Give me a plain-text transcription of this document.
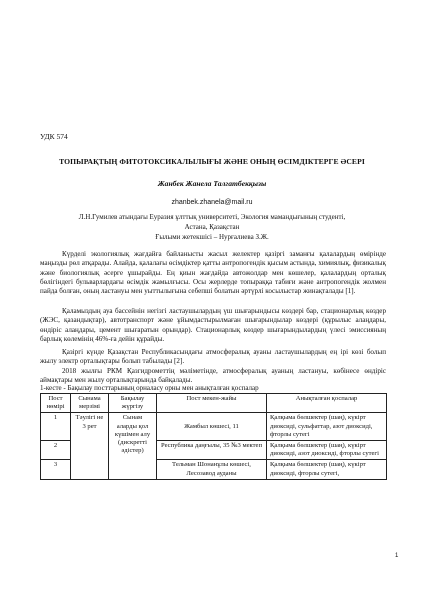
УДК 574
ТОПЫРАҚТЫҢ ФИТОТОКСИКАЛЫЛЫҒЫ ЖӘНЕ ОНЫҢ ӨСІМДІКТЕРГЕ ӘСЕРІ
Жанбек Жанела Талгатбекқызы
zhanbek.zhanela@mail.ru
Л.Н.Гумилев атындағы Еуразия ұлттық университеті, Экология мамандығының студенті,
Астана, Қазақстан
Ғылыми жетекшісі – Нурғалиева З.Ж.

Күрделі экологиялық жағдайға байланысты жасыл желектер қазіргі заманғы қалалардың өмірінде маңызды рөл атқарады. Алайда, қалалағы өсімдіктер қатты антропогендік қысым астында, химиялық, физикалық және биологиялық әсерге ұшырайды. Ең қиын жағдайда автожолдар мен көшелер, қалалардың орталық бөлігіндегі бульварлардағы өсімдік жамылғысы. Осы жерлерде топыраққа табиғи және антропогендік жолмен пайда болған, оның ластануы мен уыттылығына себепші болатын әртүрлі косылыстар жинақталады [1].

Қаламыздың ауа бассейнін негізгі ластаушылардың үш шығарындысы көздері бар, стационарлық көздер (ЖЭС, қазандықтар), автотранспорт және ұйымдастырылмаған шығарындылар көздері (құрылыс алаңдары, өндіріс алаңдары, цемент шығаратын орындар). Стационарлық көздер шығарындылардың үлесі эмиссияның барлық көлемінің 46%-ға дейін құрайды.

Қазіргі күнде Қазақстан Республикасындағы атмосфералық ауаны ластаушылардың ең ірі көзі болып жылу электр орталықтары болып табылады [2].

2018 жылғы РКМ Қазгидрометтің мәліметінде, атмосфералық ауаның ластануы, көбінесе өндіріс аймақтары мен жылу орталықтарында байқалады.

1-кесте - Бақылау посттарының орналасу орны мен анықталған қоспалар
Пост нөмірі	Сынама мерзімі	Бақылау жүргізу	Пост мекен-жайы	Анықталған қоспалар
1	Тәулігі не 3 рет	Сынам аларды қол күшімен алу (дискретті әдістер)	Жамбыл көшесі, 11	Қалқыма бөлшектер (шаң), күкірт диоксиді, сульфаттар, азот диоксиді, фторлы сутегі
2			Республика даңғылы, 35 №3 мектеп	Қалқыма бөлшектер (шаң), күкірт диоксиді, азот диоксиді, фторлы сутегі
3			Тельман Шонанұлы көшесі, Лесозавод ауданы	Қалқыма бөлшектер (шаң), күкірт диоксиді, фторлы сутегі,
1
